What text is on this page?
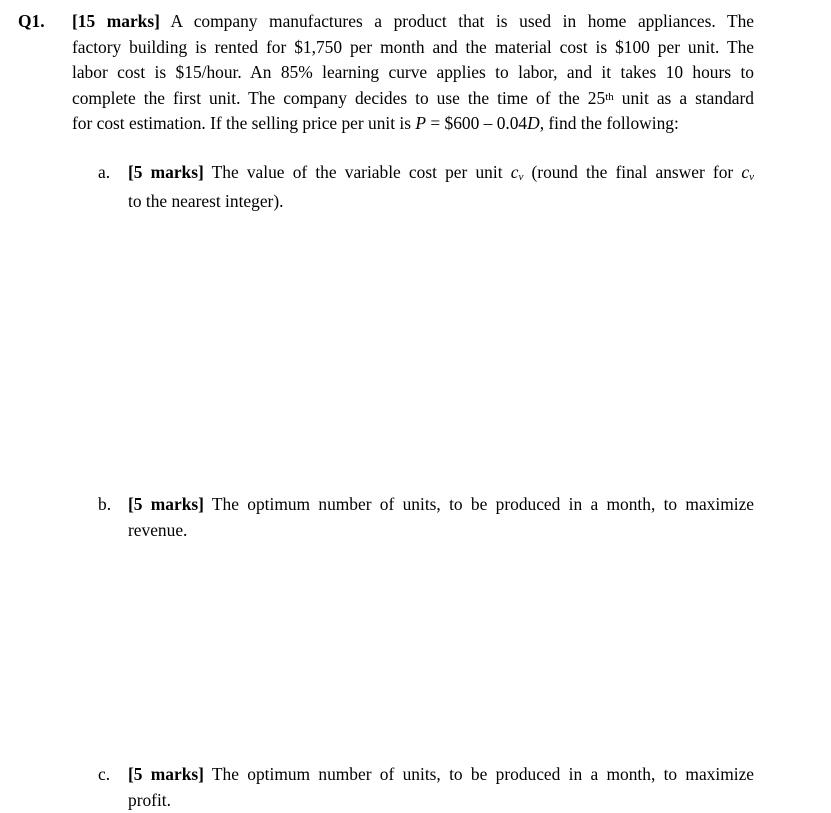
Q1. [15 marks] A company manufactures a product that is used in home appliances. The
factory building is rented for $1,750 per month and the material cost is $100 per unit. The
labor cost is $15/hour. An 85% learning curve applies to labor, and it takes 10 hours to
complete the first unit. The company decides to use the time of the 25th unit as a standard
for cost estimation. If the selling price per unit is P = $600 – 0.04D, find the following:
a.	[5 marks] The value of the variable cost per unit cv (round the final answer for cv
to the nearest integer).
b. [5 marks] The optimum number of units, to be produced in a month, to maximize
revenue.
c.	[5 marks] The optimum number of units, to be produced in a month, to maximize
profit.
